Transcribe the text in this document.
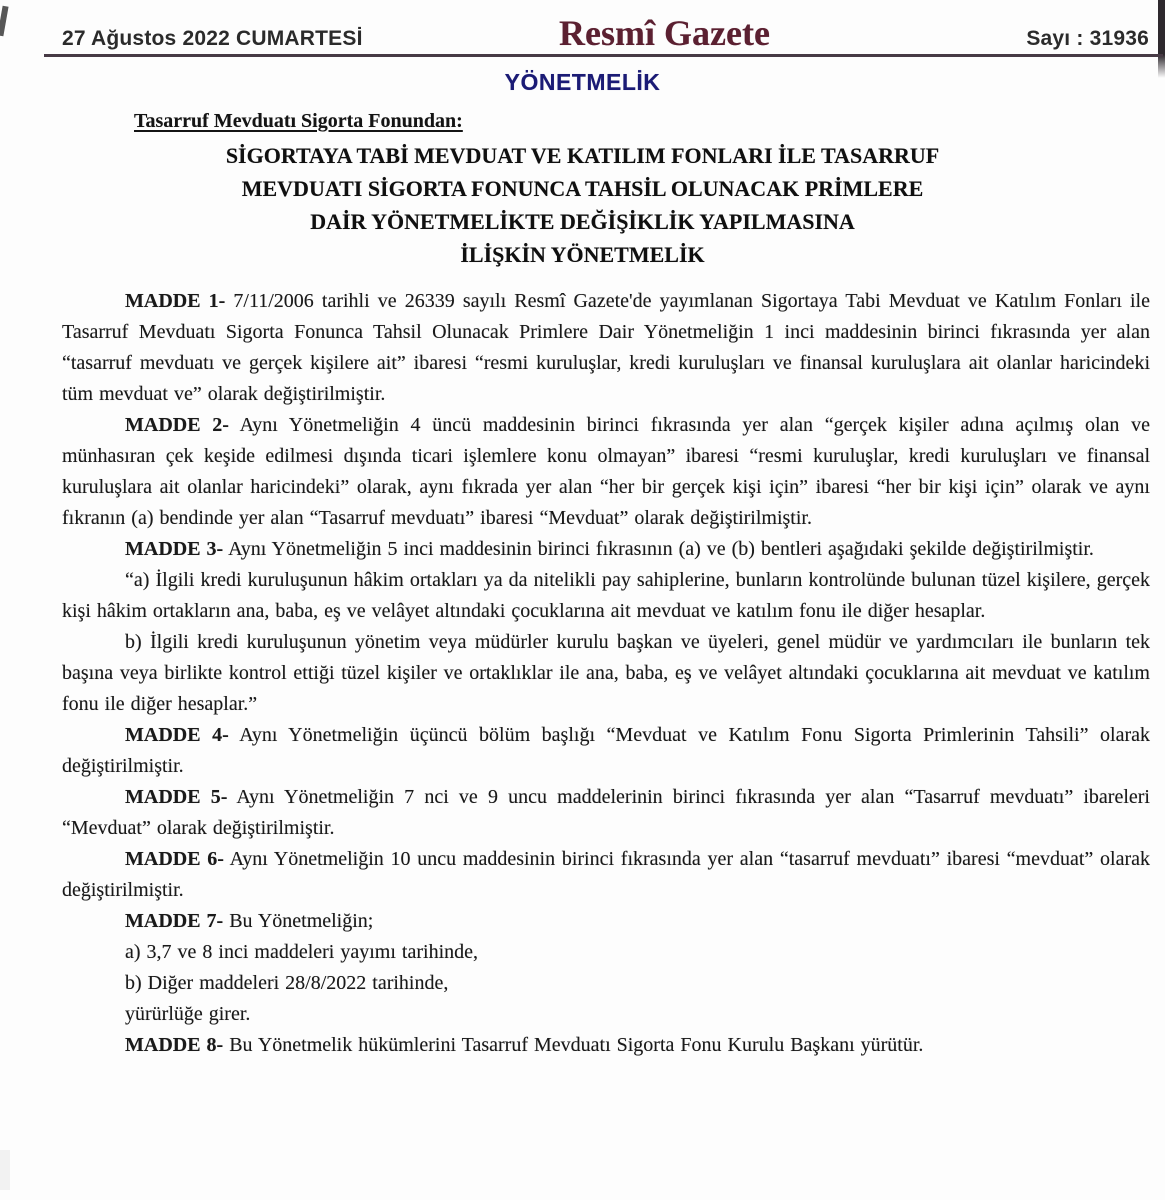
27 Ağustos 2022 CUMARTESİ	Resmî Gazete	Sayı : 31936
YÖNETMELİK
Tasarruf Mevduatı Sigorta Fonundan:
SİGORTAYA TABİ MEVDUAT VE KATILIM FONLARI İLE TASARRUF
MEVDUATI SİGORTA FONUNCA TAHSİL OLUNACAK PRİMLERE
DAİR YÖNETMELİKTE DEĞİŞİKLİK YAPILMASINA
İLİŞKİN YÖNETMELİK

MADDE 1- 7/11/2006 tarihli ve 26339 sayılı Resmî Gazete'de yayımlanan Sigortaya Tabi Mevduat ve Katılım Fonları ile Tasarruf Mevduatı Sigorta Fonunca Tahsil Olunacak Primlere Dair Yönetmeliğin 1 inci maddesinin birinci fıkrasında yer alan “tasarruf mevduatı ve gerçek kişilere ait” ibaresi “resmi kuruluşlar, kredi kuruluşları ve finansal kuruluşlara ait olanlar haricindeki tüm mevduat ve” olarak değiştirilmiştir.

MADDE 2- Aynı Yönetmeliğin 4 üncü maddesinin birinci fıkrasında yer alan “gerçek kişiler adına açılmış olan ve münhasıran çek keşide edilmesi dışında ticari işlemlere konu olmayan” ibaresi “resmi kuruluşlar, kredi kuruluşları ve finansal kuruluşlara ait olanlar haricindeki” olarak, aynı fıkrada yer alan “her bir gerçek kişi için” ibaresi “her bir kişi için” olarak ve aynı fıkranın (a) bendinde yer alan “Tasarruf mevduatı” ibaresi “Mevduat” olarak değiştirilmiştir.

MADDE 3- Aynı Yönetmeliğin 5 inci maddesinin birinci fıkrasının (a) ve (b) bentleri aşağıdaki şekilde değiştirilmiştir.

“a) İlgili kredi kuruluşunun hâkim ortakları ya da nitelikli pay sahiplerine, bunların kontrolünde bulunan tüzel kişilere, gerçek kişi hâkim ortakların ana, baba, eş ve velâyet altındaki çocuklarına ait mevduat ve katılım fonu ile diğer hesaplar.

b) İlgili kredi kuruluşunun yönetim veya müdürler kurulu başkan ve üyeleri, genel müdür ve yardımcıları ile bunların tek başına veya birlikte kontrol ettiği tüzel kişiler ve ortaklıklar ile ana, baba, eş ve velâyet altındaki çocuklarına ait mevduat ve katılım fonu ile diğer hesaplar.”

MADDE 4- Aynı Yönetmeliğin üçüncü bölüm başlığı “Mevduat ve Katılım Fonu Sigorta Primlerinin Tahsili” olarak değiştirilmiştir.

MADDE 5- Aynı Yönetmeliğin 7 nci ve 9 uncu maddelerinin birinci fıkrasında yer alan “Tasarruf mevduatı” ibareleri “Mevduat” olarak değiştirilmiştir.

MADDE 6- Aynı Yönetmeliğin 10 uncu maddesinin birinci fıkrasında yer alan “tasarruf mevduatı” ibaresi “mevduat” olarak değiştirilmiştir.

MADDE 7- Bu Yönetmeliğin;

a) 3,7 ve 8 inci maddeleri yayımı tarihinde,

b) Diğer maddeleri 28/8/2022 tarihinde,

yürürlüğe girer.

MADDE 8- Bu Yönetmelik hükümlerini Tasarruf Mevduatı Sigorta Fonu Kurulu Başkanı yürütür.
